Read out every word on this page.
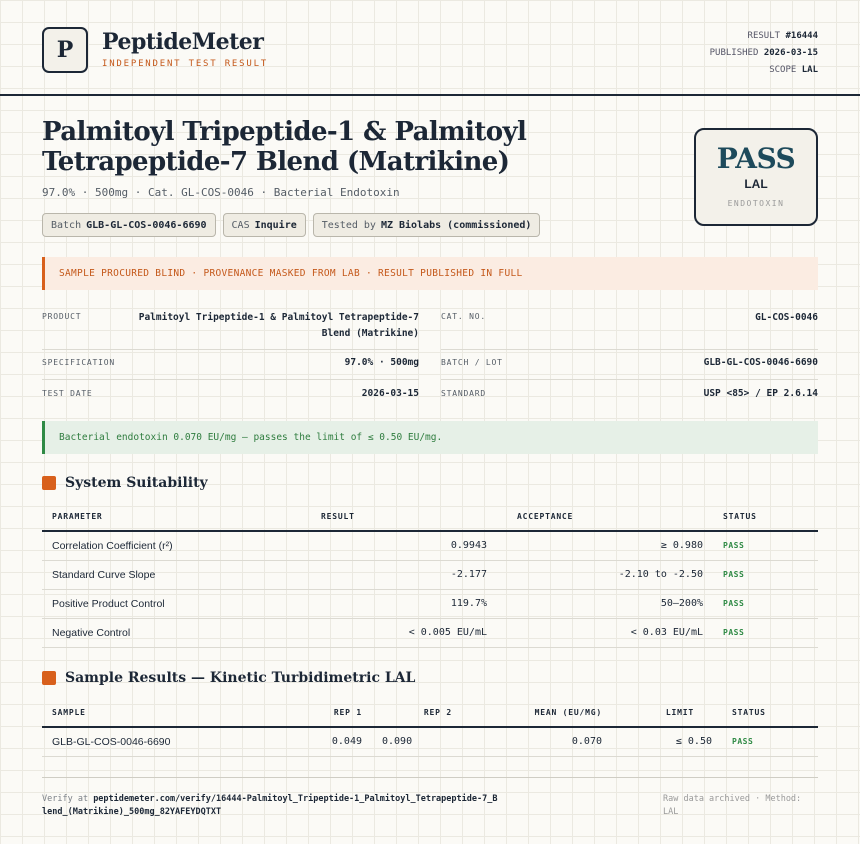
P	PeptideMeter
INDEPENDENT TEST RESULT
RESULT #16444
PUBLISHED 2026-03-15
SCOPE LAL
Palmitoyl Tripeptide-1 & Palmitoyl Tetrapeptide-7 Blend (Matrikine)
97.0% · 500mg · Cat. GL-COS-0046 · Bacterial Endotoxin
Batch GLB-GL-COS-0046-6690	CAS Inquire	Tested by MZ Biolabs (commissioned)
PASS
LAL
ENDOTOXIN
SAMPLE PROCURED BLIND · PROVENANCE MASKED FROM LAB · RESULT PUBLISHED IN FULL
PRODUCT	Palmitoyl Tripeptide-1 & Palmitoyl Tetrapeptide-7 Blend (Matrikine)
CAT. NO.	GL-COS-0046
SPECIFICATION	97.0% · 500mg	BATCH / LOT	GLB-GL-COS-0046-6690
TEST DATE	2026-03-15	STANDARD	USP <85> / EP 2.6.14
Bacterial endotoxin 0.070 EU/mg — passes the limit of ≤ 0.50 EU/mg.
System Suitability
PARAMETER	RESULT	ACCEPTANCE	STATUS
Correlation Coefficient (r²)	0.9943	≥ 0.980	PASS
Standard Curve Slope	-2.177	-2.10 to -2.50	PASS
Positive Product Control	119.7%	50–200%	PASS
Negative Control	< 0.005 EU/mL	< 0.03 EU/mL	PASS
Sample Results — Kinetic Turbidimetric LAL
SAMPLE	REP 1	REP 2	MEAN (EU/MG)	LIMIT	STATUS
GLB-GL-COS-0046-6690	0.049	0.090	0.070	≤ 0.50	PASS
Verify at peptidemeter.com/verify/16444-Palmitoyl_Tripeptide-1_Palmitoyl_Tetrapeptide-7_Blend_(Matrikine)_500mg_82YAFEYDQTXT
Raw data archived · Method: LAL
